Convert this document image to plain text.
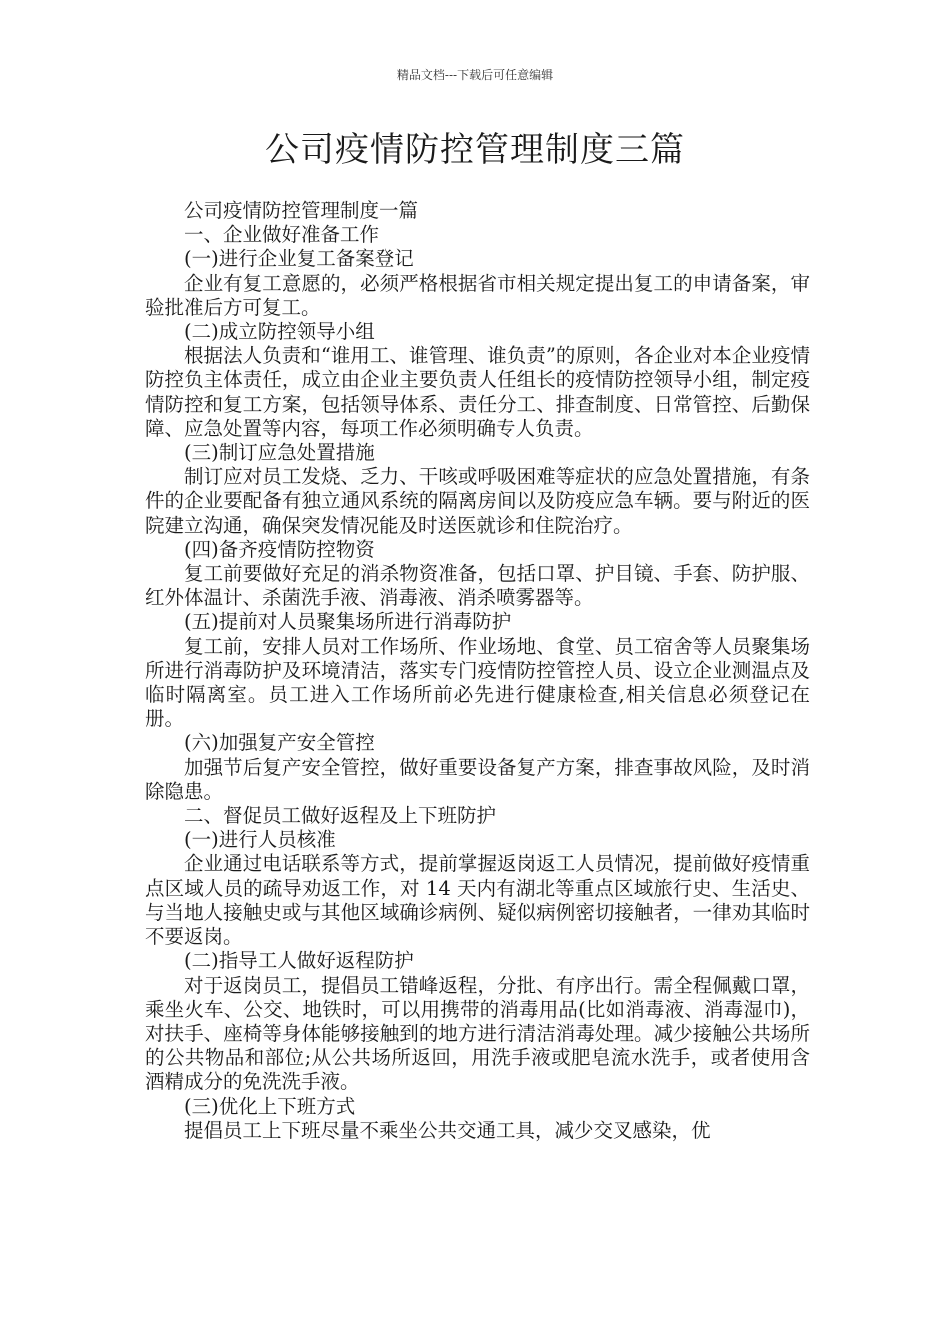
精品文档---下载后可任意编辑
公司疫情防控管理制度三篇

公司疫情防控管理制度一篇

一、企业做好准备工作

(一)进行企业复工备案登记

企业有复工意愿的，必须严格根据省市相关规定提出复工的申请备案，审验批准后方可复工。

(二)成立防控领导小组

根据法人负责和“谁用工、谁管理、谁负责”的原则，各企业对本企业疫情防控负主体责任，成立由企业主要负责人任组长的疫情防控领导小组，制定疫情防控和复工方案，包括领导体系、责任分工、排查制度、日常管控、后勤保障、应急处置等内容，每项工作必须明确专人负责。

(三)制订应急处置措施

制订应对员工发烧、乏力、干咳或呼吸困难等症状的应急处置措施，有条件的企业要配备有独立通风系统的隔离房间以及防疫应急车辆。要与附近的医院建立沟通，确保突发情况能及时送医就诊和住院治疗。

(四)备齐疫情防控物资

复工前要做好充足的消杀物资准备，包括口罩、护目镜、手套、防护服、红外体温计、杀菌洗手液、消毒液、消杀喷雾器等。

(五)提前对人员聚集场所进行消毒防护

复工前，安排人员对工作场所、作业场地、食堂、员工宿舍等人员聚集场所进行消毒防护及环境清洁，落实专门疫情防控管控人员、设立企业测温点及临时隔离室。员工进入工作场所前必先进行健康检查,相关信息必须登记在册。

(六)加强复产安全管控

加强节后复产安全管控，做好重要设备复产方案，排查事故风险，及时消除隐患。

二、督促员工做好返程及上下班防护

(一)进行人员核准

企业通过电话联系等方式，提前掌握返岗返工人员情况，提前做好疫情重点区域人员的疏导劝返工作，对 14 天内有湖北等重点区域旅行史、生活史、与当地人接触史或与其他区域确诊病例、疑似病例密切接触者，一律劝其临时不要返岗。

(二)指导工人做好返程防护

对于返岗员工，提倡员工错峰返程，分批、有序出行。需全程佩戴口罩，乘坐火车、公交、地铁时，可以用携带的消毒用品(比如消毒液、消毒湿巾)，对扶手、座椅等身体能够接触到的地方进行清洁消毒处理。减少接触公共场所的公共物品和部位;从公共场所返回，用洗手液或肥皂流水洗手，或者使用含酒精成分的免洗洗手液。

(三)优化上下班方式

提倡员工上下班尽量不乘坐公共交通工具，减少交叉感染，优
